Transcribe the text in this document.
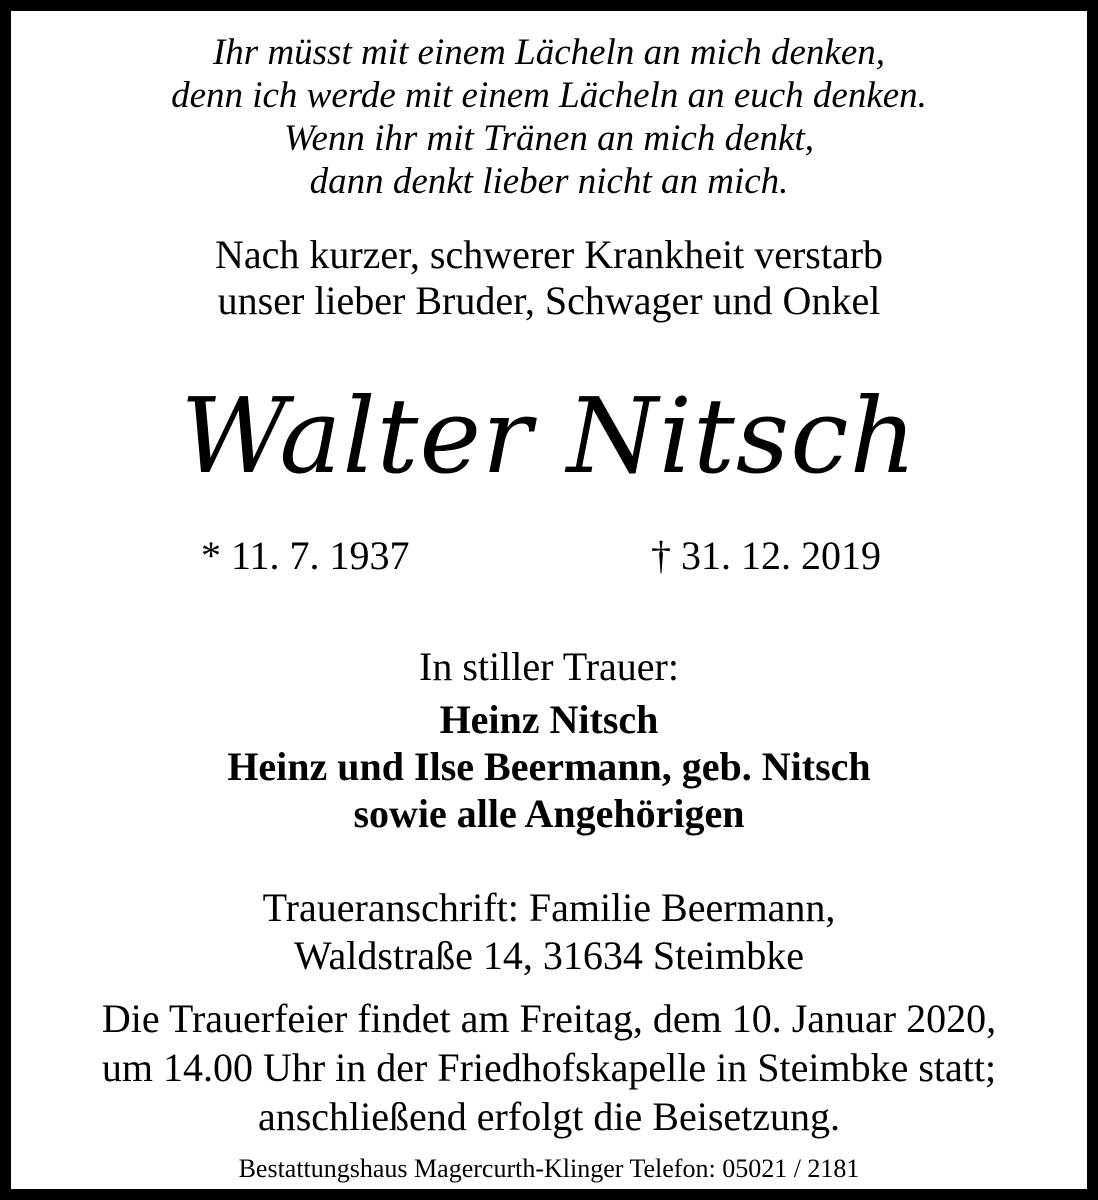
Ihr müsst mit einem Lächeln an mich denken,
denn ich werde mit einem Lächeln an euch denken.
Wenn ihr mit Tränen an mich denkt,
dann denkt lieber nicht an mich.
Nach kurzer, schwerer Krankheit verstarb
unser lieber Bruder, Schwager und Onkel
Walter Nitsch
* 11. 7. 1937	† 31. 12. 2019
In stiller Trauer:
Heinz Nitsch
Heinz und Ilse Beermann, geb. Nitsch
sowie alle Angehörigen
Traueranschrift: Familie Beermann,
Waldstraße 14, 31634 Steimbke
Die Trauerfeier findet am Freitag, dem 10. Januar 2020,
um 14.00 Uhr in der Friedhofskapelle in Steimbke statt;
anschließend erfolgt die Beisetzung.
Bestattungshaus Magercurth-Klinger Telefon: 05021 / 2181
